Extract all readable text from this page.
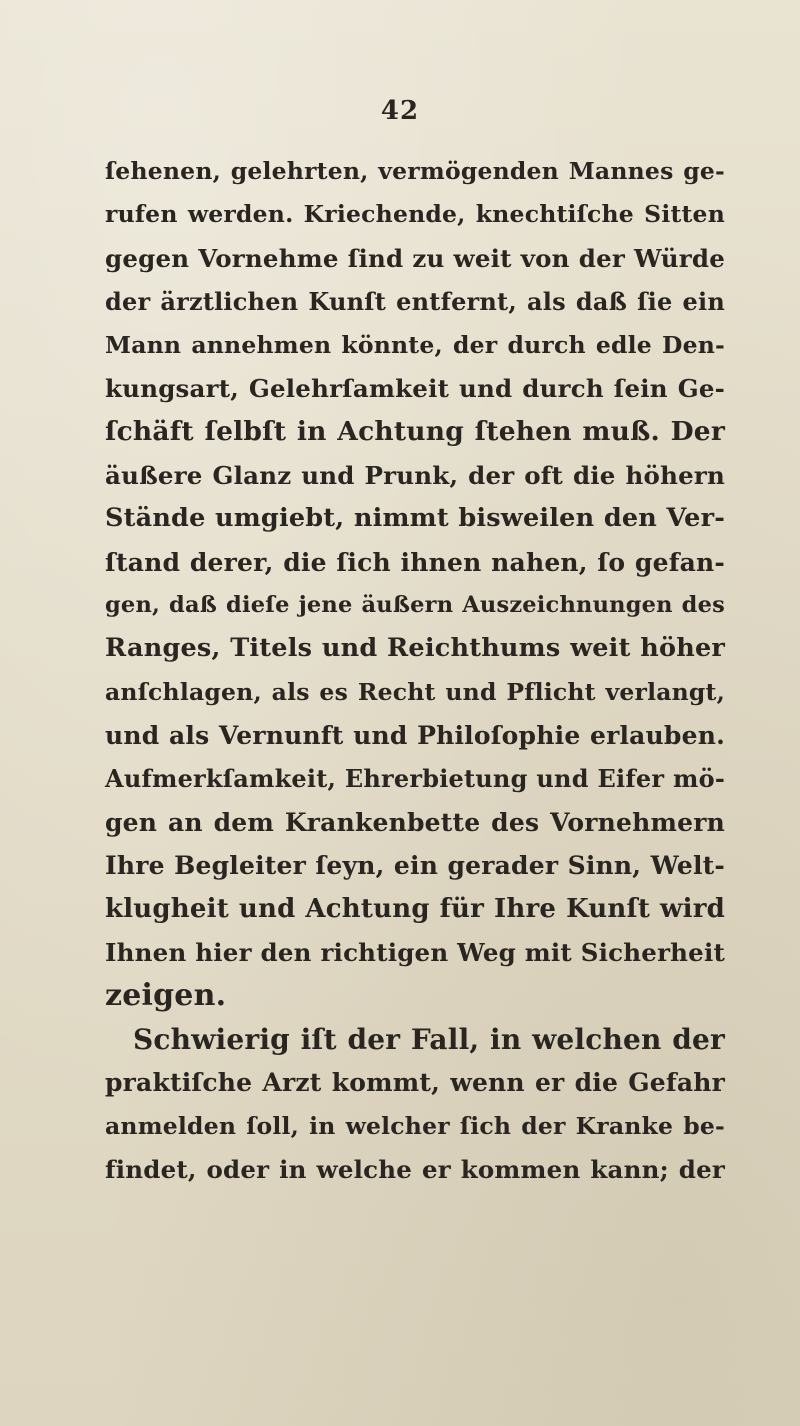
42
ſehenen, gelehrten, vermögenden Mannes ge-
rufen werden. Kriechende, knechtiſche Sitten
gegen Vornehme ſind zu weit von der Würde
der ärztlichen Kunſt entfernt, als daß ſie ein
Mann annehmen könnte, der durch edle Den-
kungsart, Gelehrſamkeit und durch ſein Ge-
ſchäft ſelbſt in Achtung ſtehen muß. Der
äußere Glanz und Prunk, der oft die höhern
Stände umgiebt, nimmt bisweilen den Ver-
ſtand derer, die ſich ihnen nahen, ſo gefan-
gen, daß dieſe jene äußern Auszeichnungen des
Ranges, Titels und Reichthums weit höher
anſchlagen, als es Recht und Pflicht verlangt,
und als Vernunft und Philoſophie erlauben.
Aufmerkſamkeit, Ehrerbietung und Eifer mö-
gen an dem Krankenbette des Vornehmern
Ihre Begleiter ſeyn, ein gerader Sinn, Welt-
klugheit und Achtung für Ihre Kunſt wird
Ihnen hier den richtigen Weg mit Sicherheit
zeigen.
Schwierig iſt der Fall, in welchen der
praktiſche Arzt kommt, wenn er die Gefahr
anmelden ſoll, in welcher ſich der Kranke be-
findet, oder in welche er kommen kann; der
